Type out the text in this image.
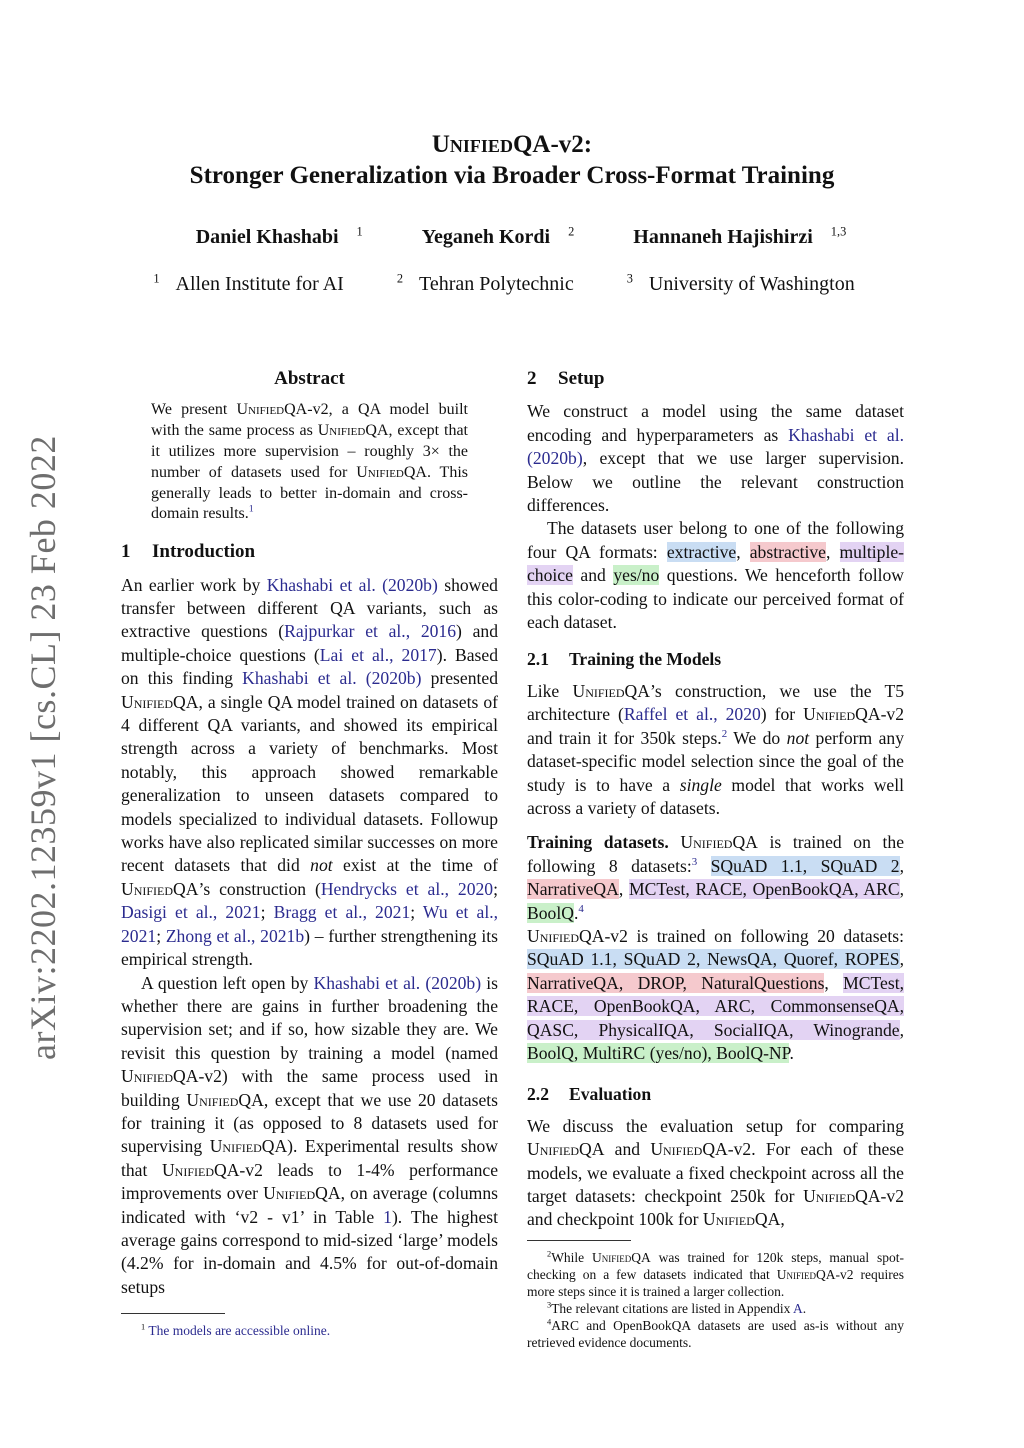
arXiv:2202.12359v1 [cs.CL] 23 Feb 2022
UnifiedQA-v2:
Stronger Generalization via Broader Cross-Format Training
Daniel Khashabi $^1$	Yeganeh Kordi $^2$	Hannaneh Hajishirzi $^{1,3}$
$^1$ Allen Institute for AI	$^2$ Tehran Polytechnic	$^3$ University of Washington
Abstract

We present UnifiedQA-v2, a QA model built with the same process as UnifiedQA, except that it utilizes more supervision – roughly 3× the number of datasets used for UnifiedQA. This generally leads to better in-domain and cross-domain results.$^1$

1 Introduction

An earlier work by Khashabi et al. (2020b) showed transfer between different QA variants, such as extractive questions (Rajpurkar et al., 2016) and multiple-choice questions (Lai et al., 2017). Based on this finding Khashabi et al. (2020b) presented UnifiedQA, a single QA model trained on datasets of 4 different QA variants, and showed its empirical strength across a variety of benchmarks. Most notably, this approach showed remarkable generalization to unseen datasets compared to models specialized to individual datasets. Followup works have also replicated similar successes on more recent datasets that did not exist at the time of UnifiedQA’s construction (Hendrycks et al., 2020; Dasigi et al., 2021; Bragg et al., 2021; Wu et al., 2021; Zhong et al., 2021b) – further strengthening its empirical strength.

A question left open by Khashabi et al. (2020b) is whether there are gains in further broadening the supervision set; and if so, how sizable they are. We revisit this question by training a model (named UnifiedQA-v2) with the same process used in building UnifiedQA, except that we use 20 datasets for training it (as opposed to 8 datasets used for supervising UnifiedQA). Experimental results show that UnifiedQA-v2 leads to 1-4% performance improvements over UnifiedQA, on average (columns indicated with ‘v2 - v1’ in Table 1). The highest average gains correspond to mid-sized ‘large’ models (4.2% for in-domain and 4.5% for out-of-domain setups

$^1$ The models are accessible online.

2 Setup

We construct a model using the same dataset encoding and hyperparameters as Khashabi et al. (2020b), except that we use larger supervision. Below we outline the relevant construction differences.

The datasets user belong to one of the following four QA formats: extractive, abstractive, multiple-choice and yes/no questions. We henceforth follow this color-coding to indicate our perceived format of each dataset.

2.1 Training the Models

Like UnifiedQA’s construction, we use the T5 architecture (Raffel et al., 2020) for UnifiedQA-v2 and train it for 350k steps.$^2$ We do not perform any dataset-specific model selection since the goal of the study is to have a single model that works well across a variety of datasets.

Training datasets. UnifiedQA is trained on the following 8 datasets:$^3$ SQuAD 1.1, SQuAD 2, NarrativeQA, MCTest, RACE, OpenBookQA, ARC, BoolQ.$^4$
UnifiedQA-v2 is trained on following 20 datasets: SQuAD 1.1, SQuAD 2, NewsQA, Quoref, ROPES, NarrativeQA, DROP, NaturalQuestions, MCTest, RACE, OpenBookQA, ARC, CommonsenseQA, QASC, PhysicalIQA, SocialIQA, Winogrande, BoolQ, MultiRC (yes/no), BoolQ-NP.

2.2 Evaluation

We discuss the evaluation setup for comparing UnifiedQA and UnifiedQA-v2. For each of these models, we evaluate a fixed checkpoint across all the target datasets: checkpoint 250k for UnifiedQA-v2 and checkpoint 100k for UnifiedQA,

$^2$While UnifiedQA was trained for 120k steps, manual spot-checking on a few datasets indicated that UnifiedQA-v2 requires more steps since it is trained a larger collection.

$^3$The relevant citations are listed in Appendix A.

$^4$ARC and OpenBookQA datasets are used as-is without any retrieved evidence documents.
